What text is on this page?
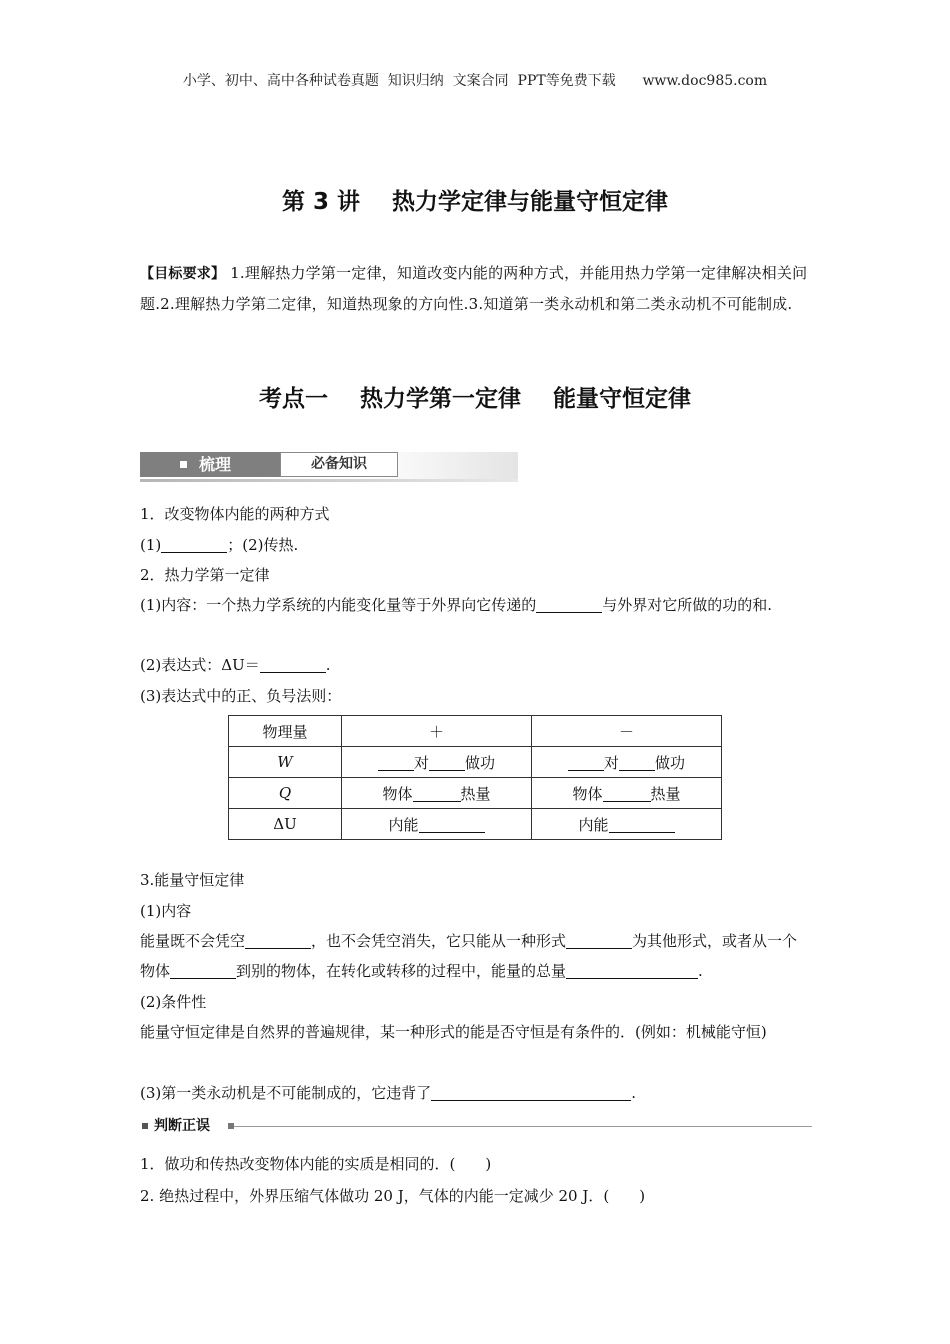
小学、初中、高中各种试卷真题  知识归纳  文案合同  PPT等免费下载      www.doc985.com
第 3 讲    热力学定律与能量守恒定律
【目标要求】 1.理解热力学第一定律，知道改变内能的两种方式，并能用热力学第一定律解决相关问题.2.理解热力学第二定律，知道热现象的方向性.3.知道第一类永动机和第二类永动机不可能制成.
考点一    热力学第一定律    能量守恒定律
梳理	必备知识
1．改变物体内能的两种方式
(1)	；(2)传热.
2．热力学第一定律
(1)内容：一个热力学系统的内能变化量等于外界向它传递的	与外界对它所做的功的和.
(2)表达式：ΔU＝	.
(3)表达式中的正、负号法则：
物理量	＋	－
W	对 做功	对 做功
Q	物体 热量	物体 热量
ΔU	内能	内能
3.能量守恒定律
(1)内容
能量既不会凭空	，也不会凭空消失，它只能从一种形式	为其他形式，或者从一个物体	到别的物体，在转化或转移的过程中，能量的总量	.
(2)条件性
能量守恒定律是自然界的普遍规律，某一种形式的能是否守恒是有条件的．(例如：机械能守恒)
(3)第一类永动机是不可能制成的，它违背了	.
判断正误
1．做功和传热改变物体内能的实质是相同的．(　　)
2. 绝热过程中，外界压缩气体做功 20 J，气体的内能一定减少 20 J．(　　)
